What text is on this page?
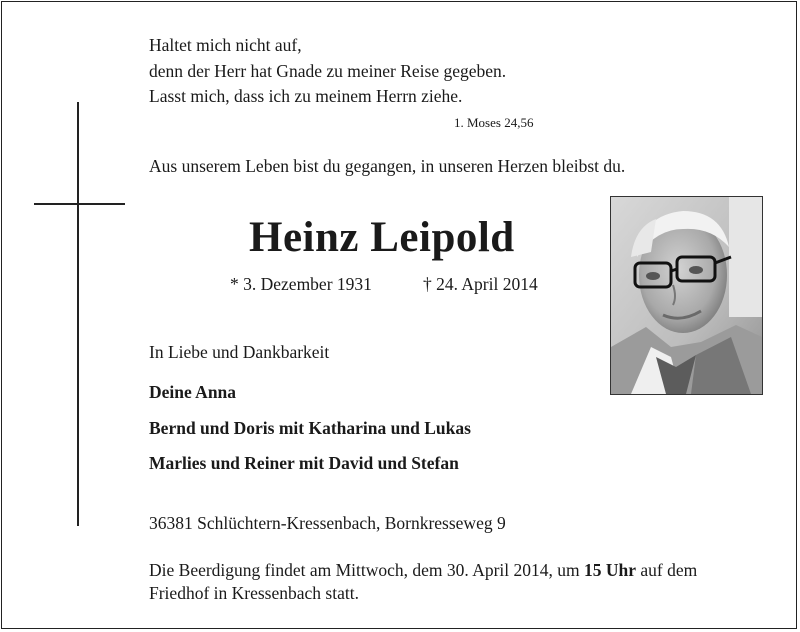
Haltet mich nicht auf,
denn der Herr hat Gnade zu meiner Reise gegeben.
Lasst mich, dass ich zu meinem Herrn ziehe.
1. Moses 24,56
Aus unserem Leben bist du gegangen, in unseren Herzen bleibst du.
Heinz Leipold
* 3. Dezember 1931	† 24. April 2014
In Liebe und Dankbarkeit
Deine Anna
Bernd und Doris mit Katharina und Lukas
Marlies und Reiner mit David und Stefan
36381 Schlüchtern-Kressenbach, Bornkresseweg 9
Die Beerdigung findet am Mittwoch, dem 30. April 2014, um 15 Uhr auf dem
Friedhof in Kressenbach statt.
